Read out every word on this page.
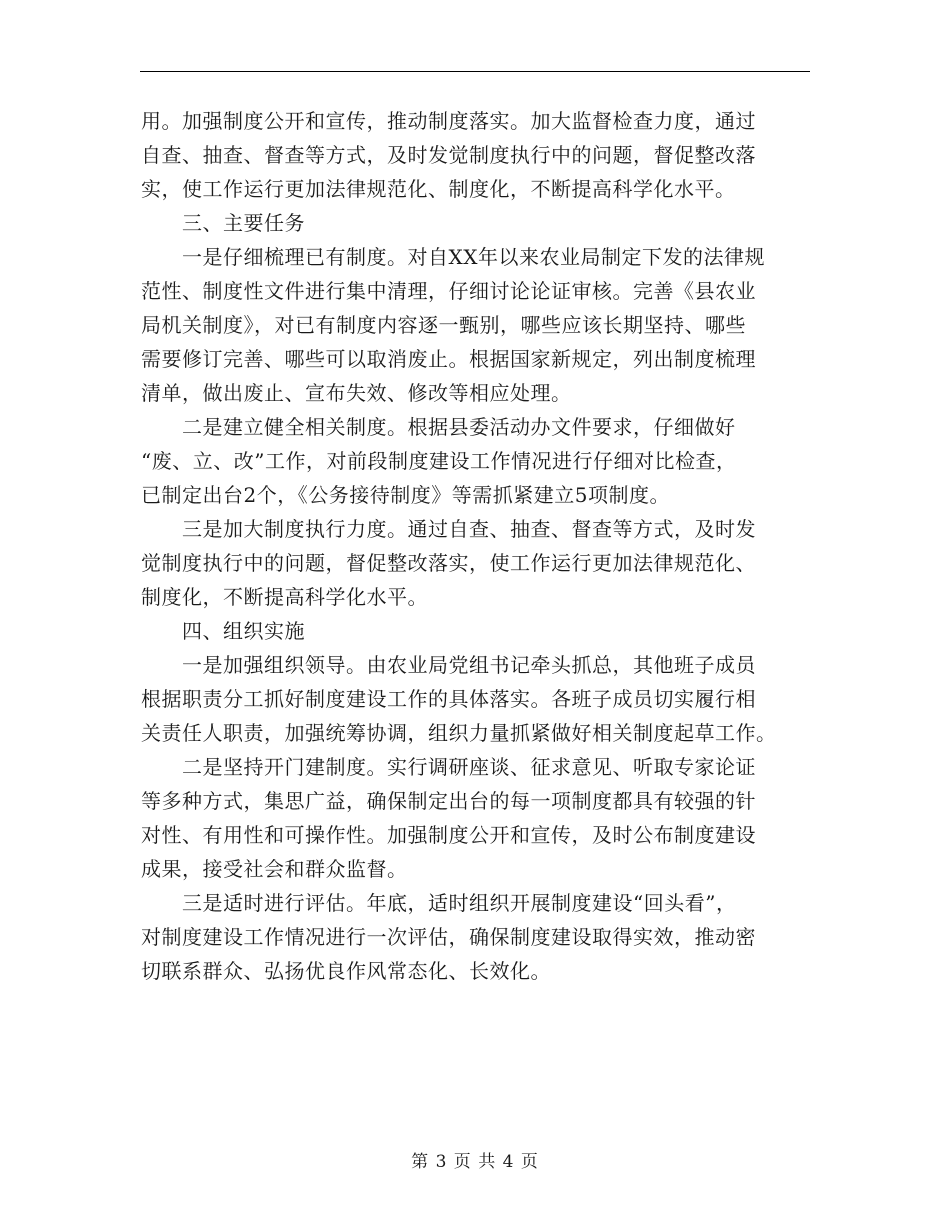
用。加强制度公开和宣传，推动制度落实。加大监督检查力度，通过
自查、抽查、督查等方式，及时发觉制度执行中的问题，督促整改落
实，使工作运行更加法律规范化、制度化，不断提高科学化水平。
　　三、主要任务
　　一是仔细梳理已有制度。对自XX年以来农业局制定下发的法律规
范性、制度性文件进行集中清理，仔细讨论论证审核。完善《县农业
局机关制度》，对已有制度内容逐一甄别，哪些应该长期坚持、哪些
需要修订完善、哪些可以取消废止。根据国家新规定，列出制度梳理
清单，做出废止、宣布失效、修改等相应处理。
　　二是建立健全相关制度。根据县委活动办文件要求，仔细做好
“废、立、改”工作，对前段制度建设工作情况进行仔细对比检查，
已制定出台2个，《公务接待制度》等需抓紧建立5项制度。
　　三是加大制度执行力度。通过自查、抽查、督查等方式，及时发
觉制度执行中的问题，督促整改落实，使工作运行更加法律规范化、
制度化，不断提高科学化水平。
　　四、组织实施
　　一是加强组织领导。由农业局党组书记牵头抓总，其他班子成员
根据职责分工抓好制度建设工作的具体落实。各班子成员切实履行相
关责任人职责，加强统筹协调，组织力量抓紧做好相关制度起草工作。
　　二是坚持开门建制度。实行调研座谈、征求意见、听取专家论证
等多种方式，集思广益，确保制定出台的每一项制度都具有较强的针
对性、有用性和可操作性。加强制度公开和宣传，及时公布制度建设
成果，接受社会和群众监督。
　　三是适时进行评估。年底，适时组织开展制度建设“回头看”，
对制度建设工作情况进行一次评估，确保制度建设取得实效，推动密
切联系群众、弘扬优良作风常态化、长效化。
第 3 页 共 4 页
